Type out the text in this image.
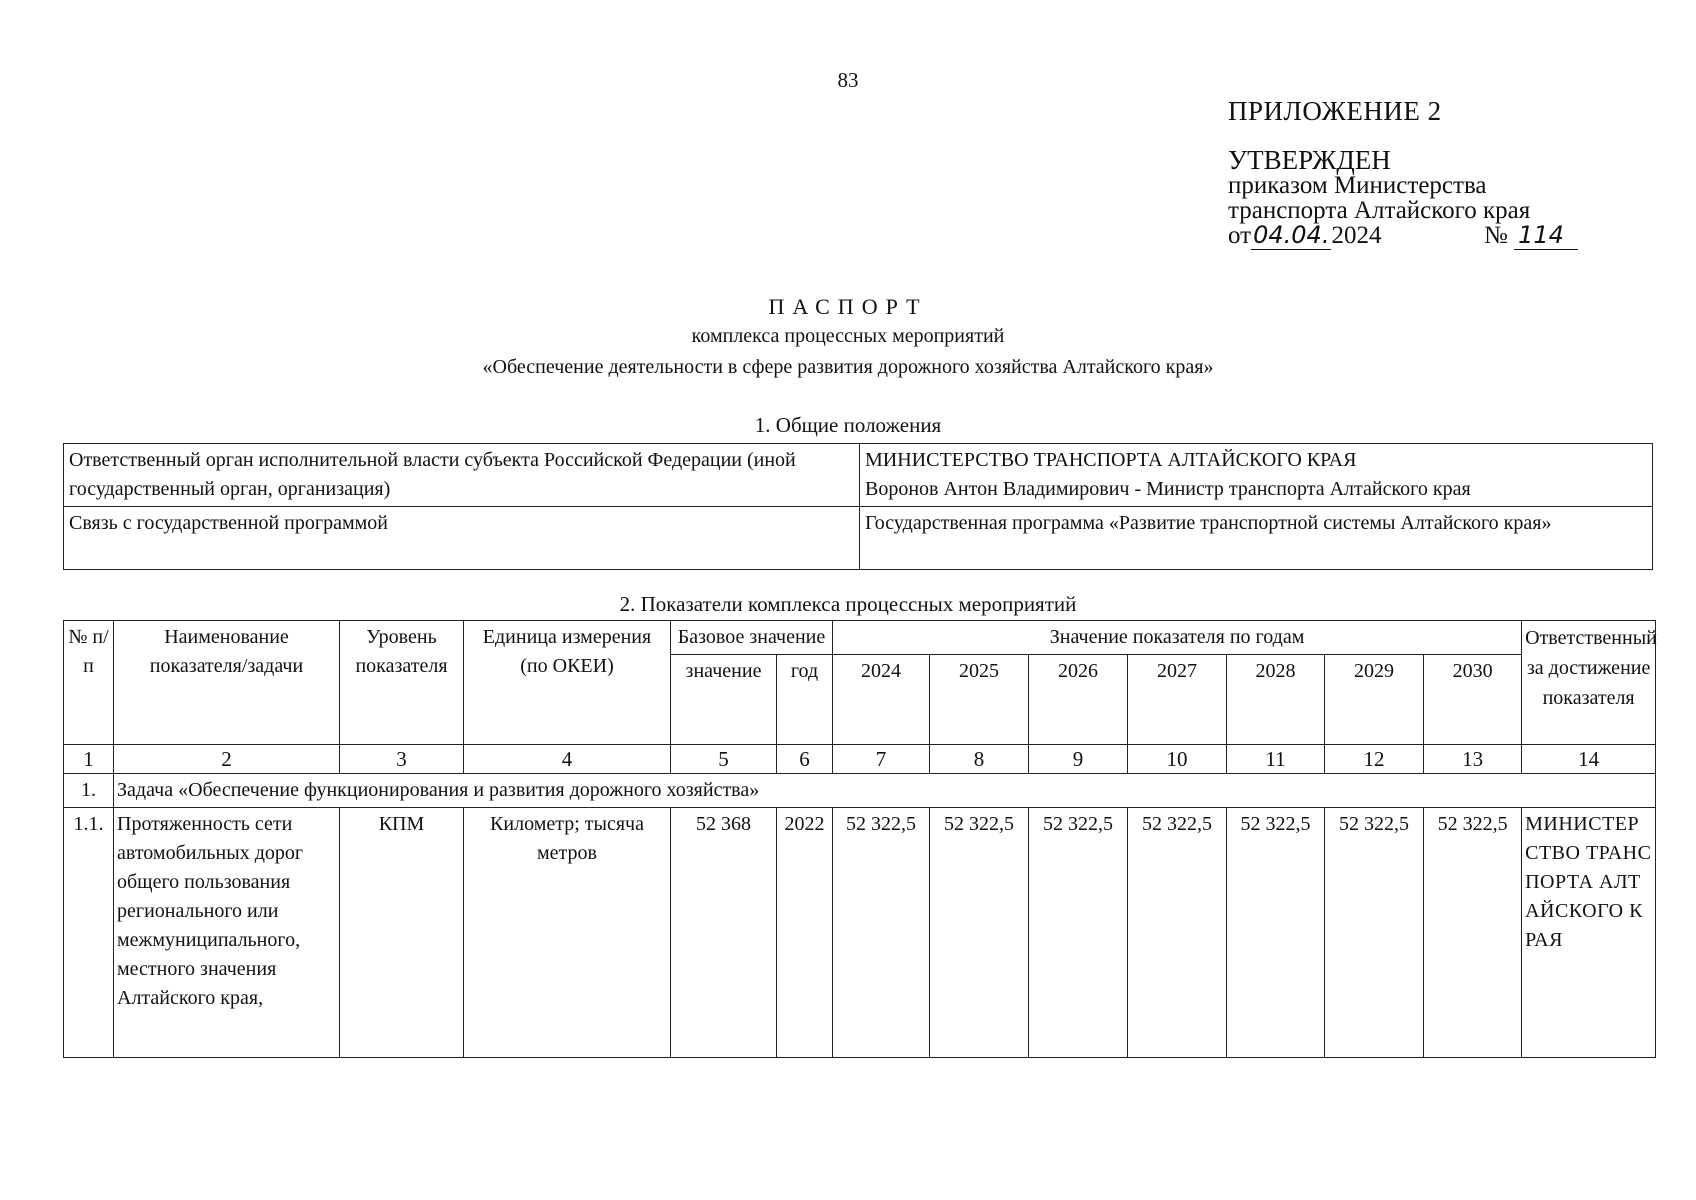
83
ПРИЛОЖЕНИЕ 2
УТВЕРЖДЕН
приказом Министерства
транспорта Алтайского края
от04.04.2024	№ 114
ПАСПОРТ
комплекса процессных мероприятий
«Обеспечение деятельности в сфере развития дорожного хозяйства Алтайского края»
1. Общие положения
Ответственный орган исполнительной власти субъекта Российской Федерации (иной государственный орган, организация)	МИНИСТЕРСТВО ТРАНСПОРТА АЛТАЙСКОГО КРАЯ
Воронов Антон Владимирович - Министр транспорта Алтайского края

Связь с государственной программой	Государственная программа «Развитие транспортной системы Алтайского края»
2. Показатели комплекса процессных мероприятий
№ п/п	Наименование показателя/задачи	Уровень показателя	Единица измерения (по ОКЕИ)	Базовое значение		Значение показателя по годам							Ответственный за достижение показателя
				значение	год	2024	2025	2026	2027	2028	2029	2030	
1	2	3	4	5	6	7	8	9	10	11	12	13	14
1.	Задача «Обеспечение функционирования и развития дорожного хозяйства»												
1.1.	Протяженность сети автомобильных дорог общего пользования регионального или межмуниципального, местного значения Алтайского края,	КПМ	Километр; тысяча метров	52 368	2022	52 322,5	52 322,5	52 322,5	52 322,5	52 322,5	52 322,5	52 322,5	МИНИСТЕРСТВО ТРАНСПОРТА АЛТАЙСКОГО КРАЯ
